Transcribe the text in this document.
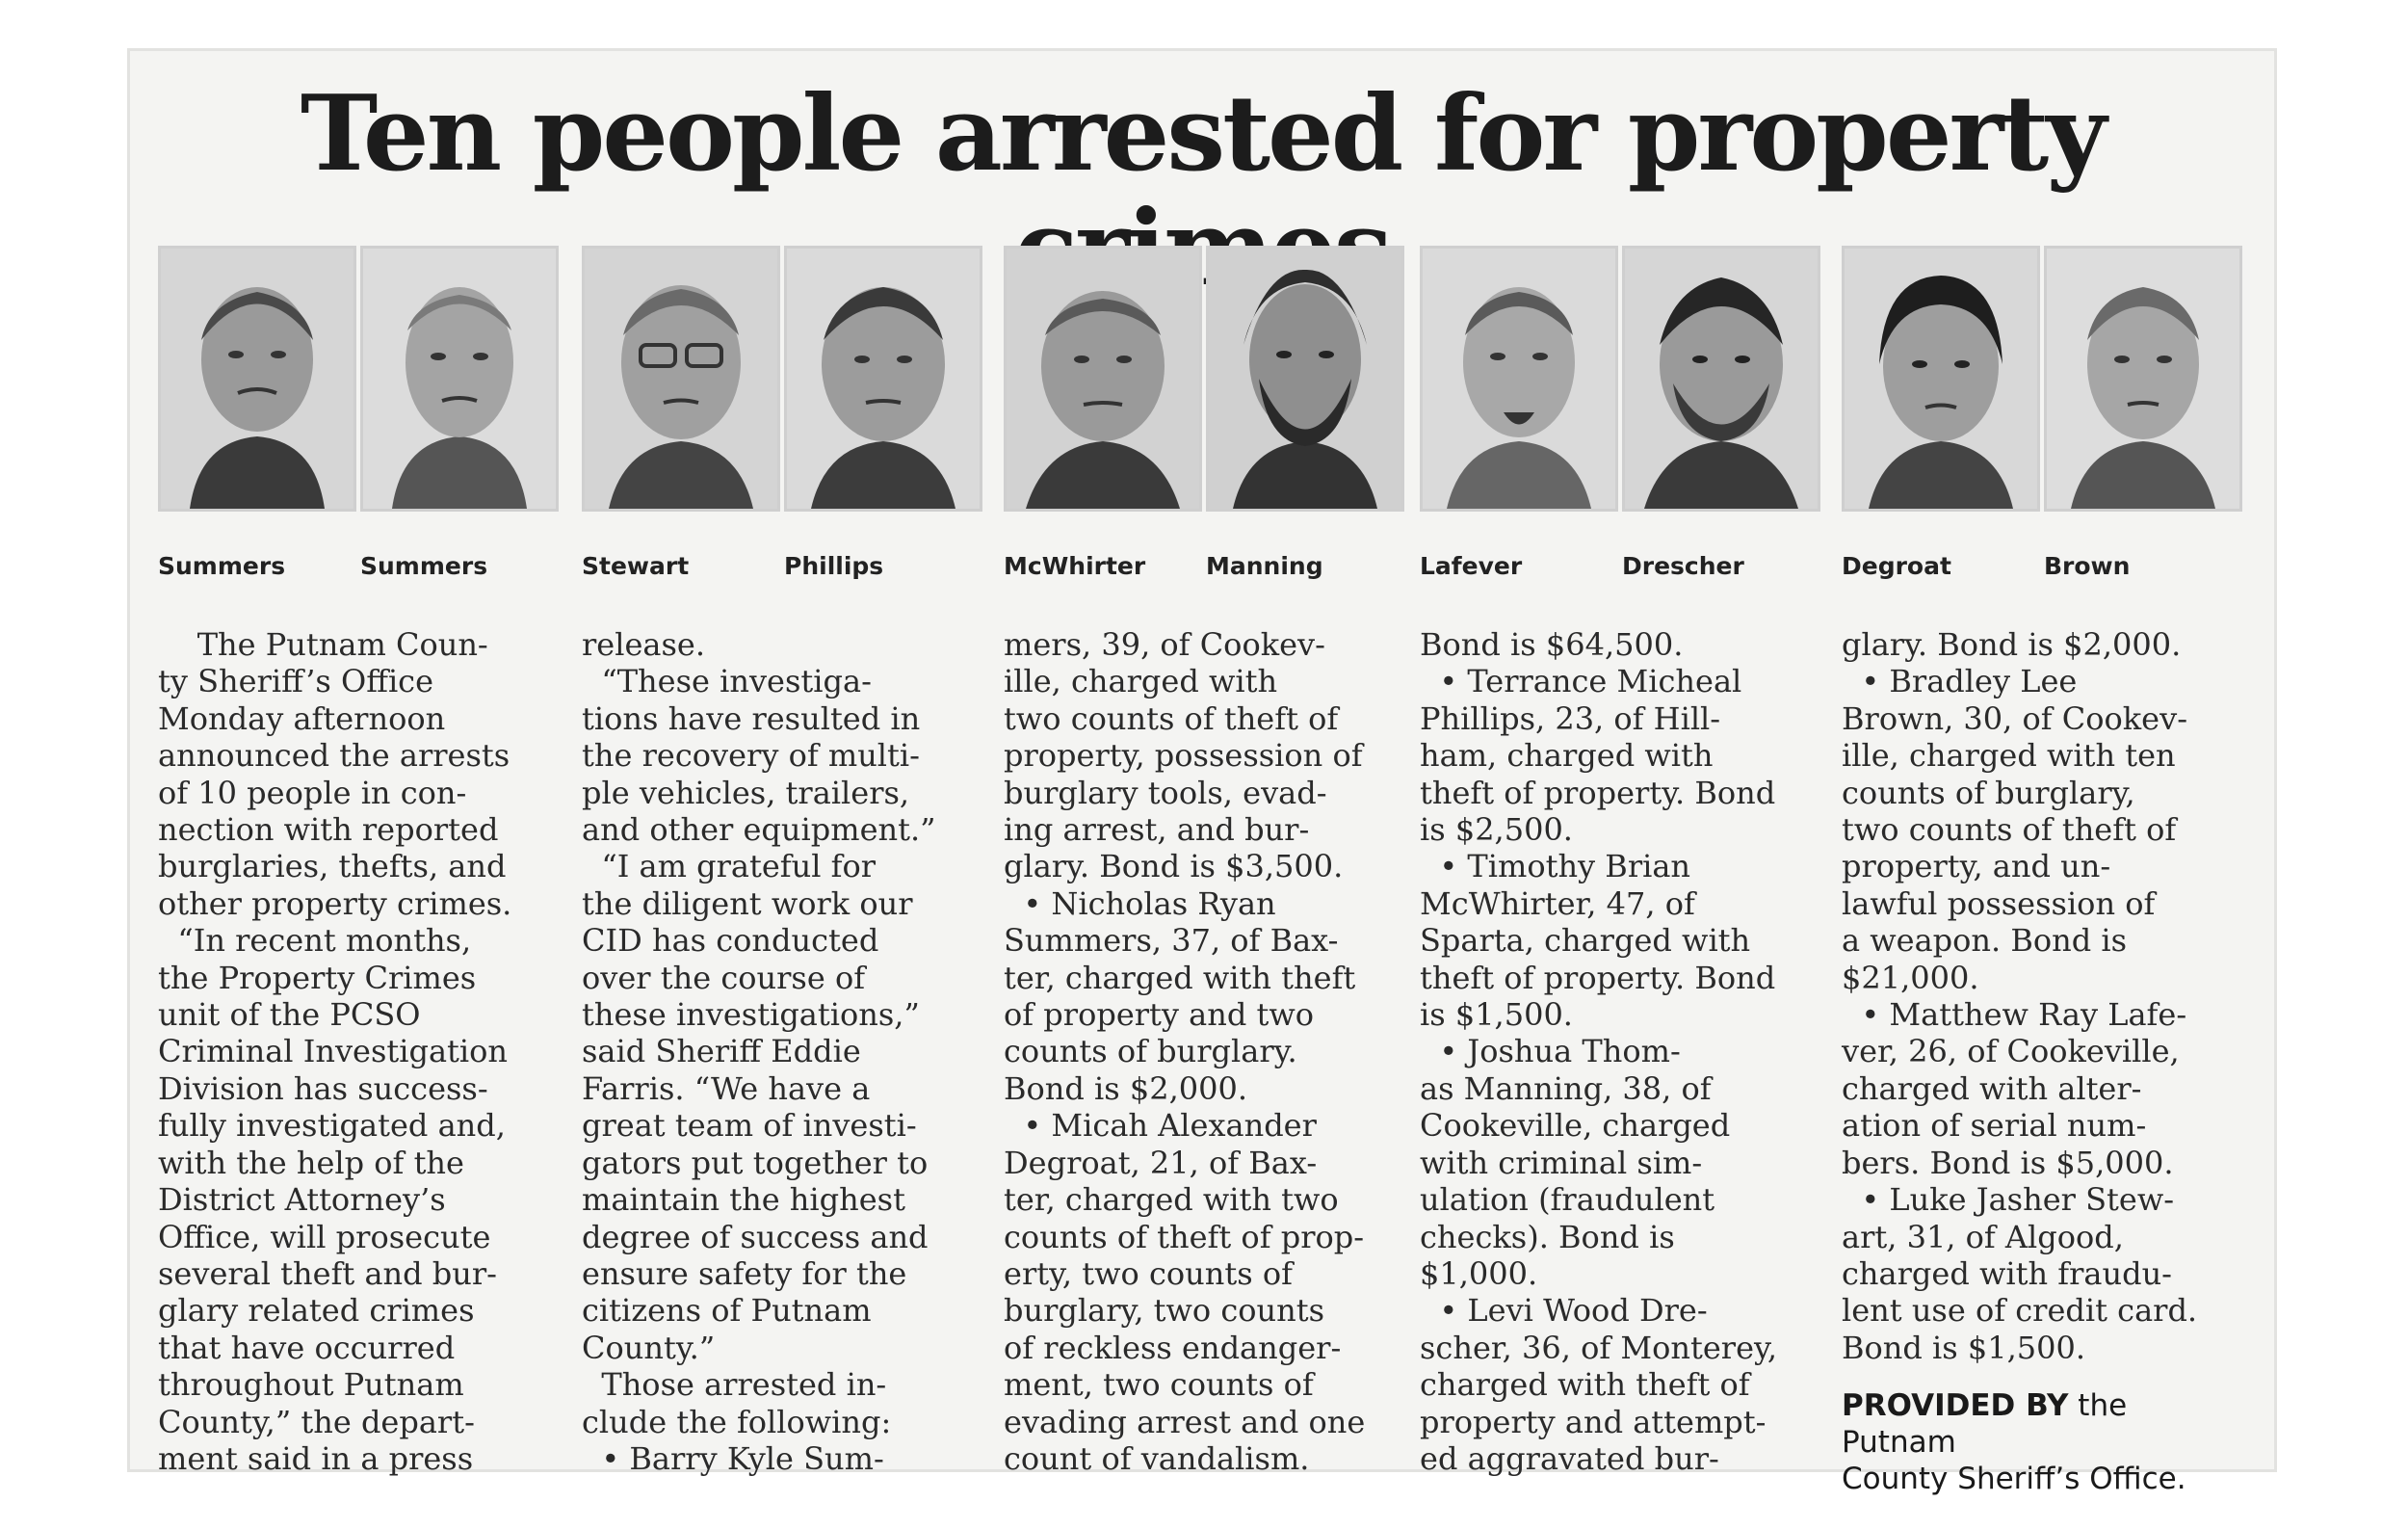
Ten people arrested for property
Summers	Summers	Stewart	Phillips	McWhirter	Manning	Lafever	Drescher	Degroat	Brown
The Putnam Coun-
ty Sheriff’s Office
Monday afternoon
announced the arrests
of 10 people in con-
nection with reported
burglaries, thefts, and
other property crimes.
“In recent months,
the Property Crimes
unit of the PCSO
Criminal Investigation
Division has success-
fully investigated and,
with the help of the
District Attorney’s
Office, will prosecute
several theft and bur-
glary related crimes
that have occurred
throughout Putnam
County,” the depart-
ment said in a press
release.
“These investiga-
tions have resulted in
the recovery of multi-
ple vehicles, trailers,
and other equipment.”
“I am grateful for
the diligent work our
CID has conducted
over the course of
these investigations,”
said Sheriff Eddie
Farris. “We have a
great team of investi-
gators put together to
maintain the highest
degree of success and
ensure safety for the
citizens of Putnam
County.”
Those arrested in-
clude the following:
• Barry Kyle Sum-
mers, 39, of Cookev-
ille, charged with
two counts of theft of
property, possession of
burglary tools, evad-
ing arrest, and bur-
glary. Bond is $3,500.
• Nicholas Ryan
Summers, 37, of Bax-
ter, charged with theft
of property and two
counts of burglary.
Bond is $2,000.
• Micah Alexander
Degroat, 21, of Bax-
ter, charged with two
counts of theft of prop-
erty, two counts of
burglary, two counts
of reckless endanger-
ment, two counts of
evading arrest and one
count of vandalism.
Bond is $64,500.
• Terrance Micheal
Phillips, 23, of Hill-
ham, charged with
theft of property. Bond
is $2,500.
• Timothy Brian
McWhirter, 47, of
Sparta, charged with
theft of property. Bond
is $1,500.
• Joshua Thom-
as Manning, 38, of
Cookeville, charged
with criminal sim-
ulation (fraudulent
checks). Bond is
$1,000.
• Levi Wood Dre-
scher, 36, of Monterey,
charged with theft of
property and attempt-
ed aggravated bur-
glary. Bond is $2,000.
• Bradley Lee
Brown, 30, of Cookev-
ille, charged with ten
counts of burglary,
two counts of theft of
property, and un-
lawful possession of
a weapon. Bond is
$21,000.
• Matthew Ray Lafe-
ver, 26, of Cookeville,
charged with alter-
ation of serial num-
bers. Bond is $5,000.
• Luke Jasher Stew-
art, 31, of Algood,
charged with fraudu-
lent use of credit card.
Bond is $1,500.
PROVIDED BY the Putnam
County Sheriff’s Office.
